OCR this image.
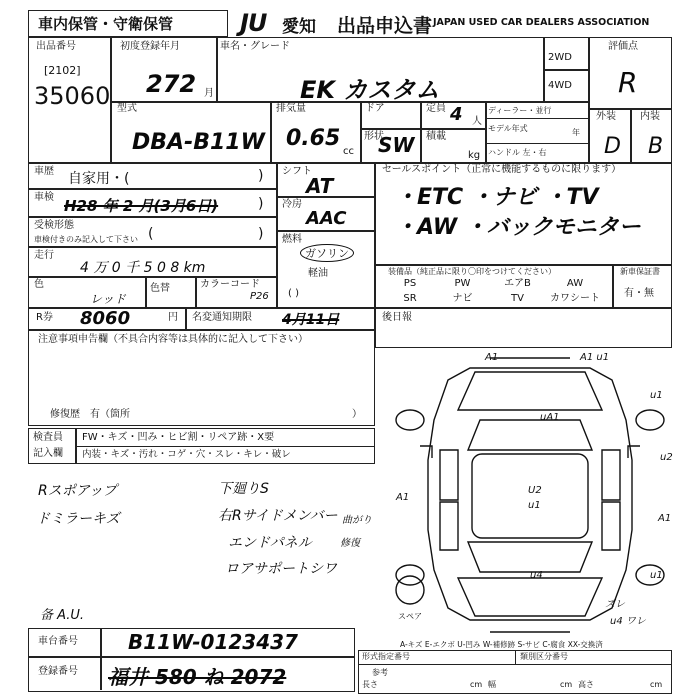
車内保管・守衛保管	JU 愛知 出品申込書 JAPAN USED CAR DEALERS ASSOCIATION
出品番号
[2102]
35060
初度登録年月
272 月
車名・グレード
EK カスタム
2WD
4WD
評価点
R
型式
DBA-B11W
排気量
0.65
cc
ドア
形状
SW
定員 4 人
積載
kg
ディーラー・並行
モデル年式	年
ハンドル 左・右
外装 内装
D B
車歴 自家用・(	)
車検 H28 年 2 月(3月6日)	)
受検形態
車検付きのみ記入して下さい (	)
走行
4 万 0 千 5 0 8 km
色
レッド
色替	カラーコード
P26
シフト
AT
冷房
AAC
燃料
ガソリン
軽油
( )
セールスポイント（正常に機能するものに限ります）
・ETC ・ナビ ・TV
・AW ・バックモニター
装備品（純正品に限り〇印をつけてください）	新車保証書
有・無
PS	PW	エアB	AW
SR	ナビ	TV	カワシート
R券 8060	円 名変通知期限 4月11日
注意事項申告欄（不具合内容等は具体的に記入して下さい）
修復歴　有（箇所	）
検査員
記入欄
FW・キズ・凹み・ヒビ割・リペア跡・X要
内装・キズ・汚れ・コゲ・穴・スレ・キレ・破レ
Rスポアップ
ドミラーキズ
下廻りS
右Rサイドメンバー
エンドパネル
ロアサポートシワ
曲がり
修復
备 A.U.
後日報
A1	A1 u1
u1
uA1
u2
A1
U2
u1
A1
u4	u1
ズレ
u4 ワレ
スペア
A-キズ E-エクボ U-凹み W-補修跡 S-サビ C-腐食 XX-交換済
車台番号	B11W-0123437
登録番号 福井 580 ね 2072
形式指定番号	類別区分番号
参考
長さ	cm 幅	cm 高さ	cm
